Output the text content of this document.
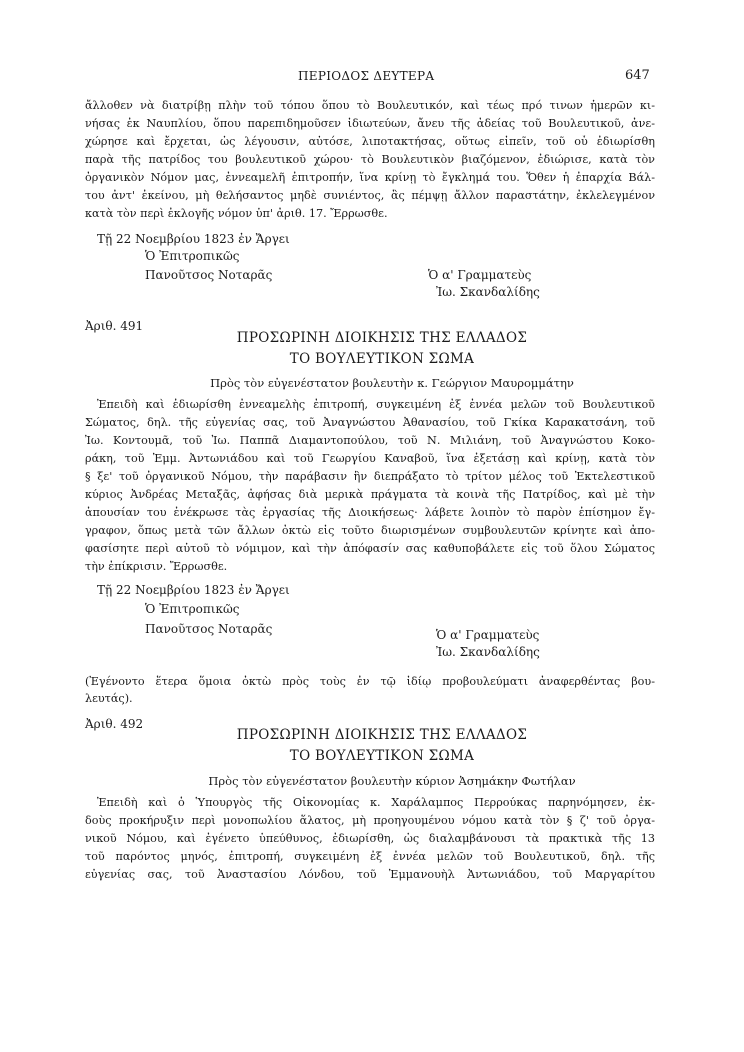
ΠΕΡΙΟΔΟΣ ΔΕΥΤΕΡΑ	647
ἄλλοθεν νὰ διατρίβῃ πλὴν τοῦ τόπου ὅπου τὸ Βουλευτικόν, καὶ τέως πρό τινων ἡμερῶν κι-
νήσας ἐκ Ναυπλίου, ὅπου παρεπιδημοῦσεν ἰδιωτεύων, ἄνευ τῆς ἀδείας τοῦ Βουλευτικοῦ, ἀνε-
χώρησε καὶ ἔρχεται, ὡς λέγουσιν, αὐτόσε, λιποτακτήσας, οὕτως εἰπεῖν, τοῦ οὗ ἐδιωρίσθη
παρὰ τῆς πατρίδος του βουλευτικοῦ χώρου· τὸ Βουλευτικὸν βιαζόμενον, ἐδιώρισε, κατὰ τὸν
ὀργανικὸν Νόμον μας, ἐννεαμελῆ ἐπιτροπήν, ἵνα κρίνῃ τὸ ἔγκλημά του. Ὅθεν ἡ ἐπαρχία Βάλ-
του ἀντ' ἐκείνου, μὴ θελήσαντος μηδὲ συνιέντος, ἂς πέμψῃ ἄλλον παραστάτην, ἐκλελεγμένον
κατὰ τὸν περὶ ἐκλογῆς νόμον ὑπ' ἀριθ. 17. Ἔρρωσθε.
Τῇ 22 Νοεμβρίου 1823 ἐν Ἄργει
Ὁ Ἐπιτροπικῶς
Πανοῦτσος Νοταρᾶς	Ὁ α' Γραμματεὺς
Ἰω. Σκανδαλίδης
Ἀριθ. 491
ΠΡΟΣΩΡΙΝΗ ΔΙΟΙΚΗΣΙΣ ΤΗΣ ΕΛΛΑΔΟΣ
ΤΟ ΒΟΥΛΕΥΤΙΚΟΝ ΣΩΜΑ
Πρὸς τὸν εὐγενέστατον βουλευτὴν κ. Γεώργιον Μαυρομμάτην
Ἐπειδὴ καὶ ἐδιωρίσθη ἐννεαμελὴς ἐπιτροπή, συγκειμένη ἐξ ἐννέα μελῶν τοῦ Βουλευτικοῦ
Σώματος, δηλ. τῆς εὐγενίας σας, τοῦ Ἀναγνώστου Ἀθανασίου, τοῦ Γκίκα Καρακατσάνη, τοῦ
Ἰω. Κοντουμᾶ, τοῦ Ἰω. Παππᾶ Διαμαντοπούλου, τοῦ Ν. Μιλιάνη, τοῦ Ἀναγνώστου Κοκο-
ράκη, τοῦ Ἐμμ. Ἀντωνιάδου καὶ τοῦ Γεωργίου Καναβοῦ, ἵνα ἐξετάσῃ καὶ κρίνῃ, κατὰ τὸν
§ ξε' τοῦ ὀργανικοῦ Νόμου, τὴν παράβασιν ἣν διεπράξατο τὸ τρίτον μέλος τοῦ Ἐκτελεστικοῦ
κύριος Ἀνδρέας Μεταξᾶς, ἀφήσας διὰ μερικὰ πράγματα τὰ κοινὰ τῆς Πατρίδος, καὶ μὲ τὴν
ἀπουσίαν του ἐνέκρωσε τὰς ἐργασίας τῆς Διοικήσεως· λάβετε λοιπὸν τὸ παρὸν ἐπίσημον ἔγ-
γραφον, ὅπως μετὰ τῶν ἄλλων ὀκτὼ εἰς τοῦτο διωρισμένων συμβουλευτῶν κρίνητε καὶ ἀπο-
φασίσητε περὶ αὐτοῦ τὸ νόμιμον, καὶ τὴν ἀπόφασίν σας καθυποβάλετε εἰς τοῦ ὅλου Σώματος
τὴν ἐπίκρισιν. Ἔρρωσθε.
Τῇ 22 Νοεμβρίου 1823 ἐν Ἄργει
Ὁ Ἐπιτροπικῶς
Πανοῦτσος Νοταρᾶς	Ὁ α' Γραμματεὺς
Ἰω. Σκανδαλίδης
(Ἐγένοντο ἕτερα ὅμοια ὀκτὼ πρὸς τοὺς ἐν τῷ ἰδίῳ προβουλεύματι ἀναφερθέντας βου-
λευτάς).
Ἀριθ. 492
ΠΡΟΣΩΡΙΝΗ ΔΙΟΙΚΗΣΙΣ ΤΗΣ ΕΛΛΑΔΟΣ
ΤΟ ΒΟΥΛΕΥΤΙΚΟΝ ΣΩΜΑ
Πρὸς τὸν εὐγενέστατον βουλευτὴν κύριον Ἀσημάκην Φωτήλαν
Ἐπειδὴ καὶ ὁ Ὑπουργὸς τῆς Οἰκονομίας κ. Χαράλαμπος Περρούκας παρηνόμησεν, ἐκ-
δοὺς προκήρυξιν περὶ μονοπωλίου ἅλατος, μὴ προηγουμένου νόμου κατὰ τὸν § ζ' τοῦ ὀργα-
νικοῦ Νόμου, καὶ ἐγένετο ὑπεύθυνος, ἐδιωρίσθη, ὡς διαλαμβάνουσι τὰ πρακτικὰ τῆς 13
τοῦ παρόντος μηνός, ἐπιτροπή, συγκειμένη ἐξ ἐννέα μελῶν τοῦ Βουλευτικοῦ, δηλ. τῆς
εὐγενίας σας, τοῦ Ἀναστασίου Λόνδου, τοῦ Ἐμμανουὴλ Ἀντωνιάδου, τοῦ Μαργαρίτου
